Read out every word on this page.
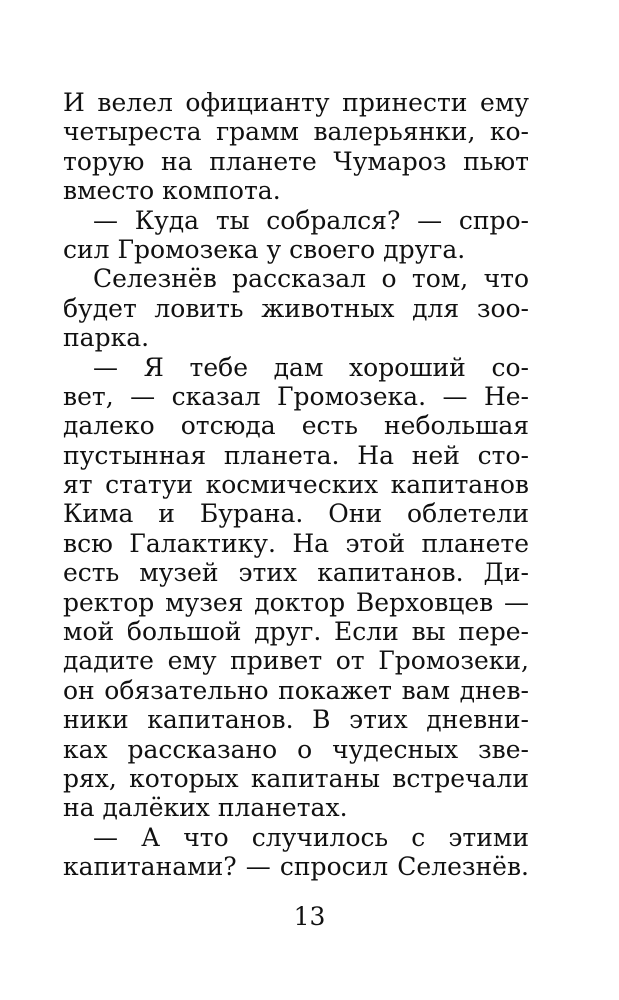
И велел официанту принести ему
четыреста грамм валерьянки, ко-
торую на планете Чумароз пьют
вместо компота.
— Куда ты собрался? — спро-
сил Громозека у своего друга.
Селезнёв рассказал о том, что
будет ловить животных для зоо-
парка.
— Я тебе дам хороший со-
вет, — сказал Громозека. — Не-
далеко отсюда есть небольшая
пустынная планета. На ней сто-
ят статуи космических капитанов
Кима и Бурана. Они облетели
всю Галактику. На этой планете
есть музей этих капитанов. Ди-
ректор музея доктор Верховцев —
мой большой друг. Если вы пере-
дадите ему привет от Громозеки,
он обязательно покажет вам днев-
ники капитанов. В этих дневни-
ках рассказано о чудесных зве-
рях, которых капитаны встречали
на далёких планетах.
— А что случилось с этими
капитанами? — спросил Селезнёв.
13
